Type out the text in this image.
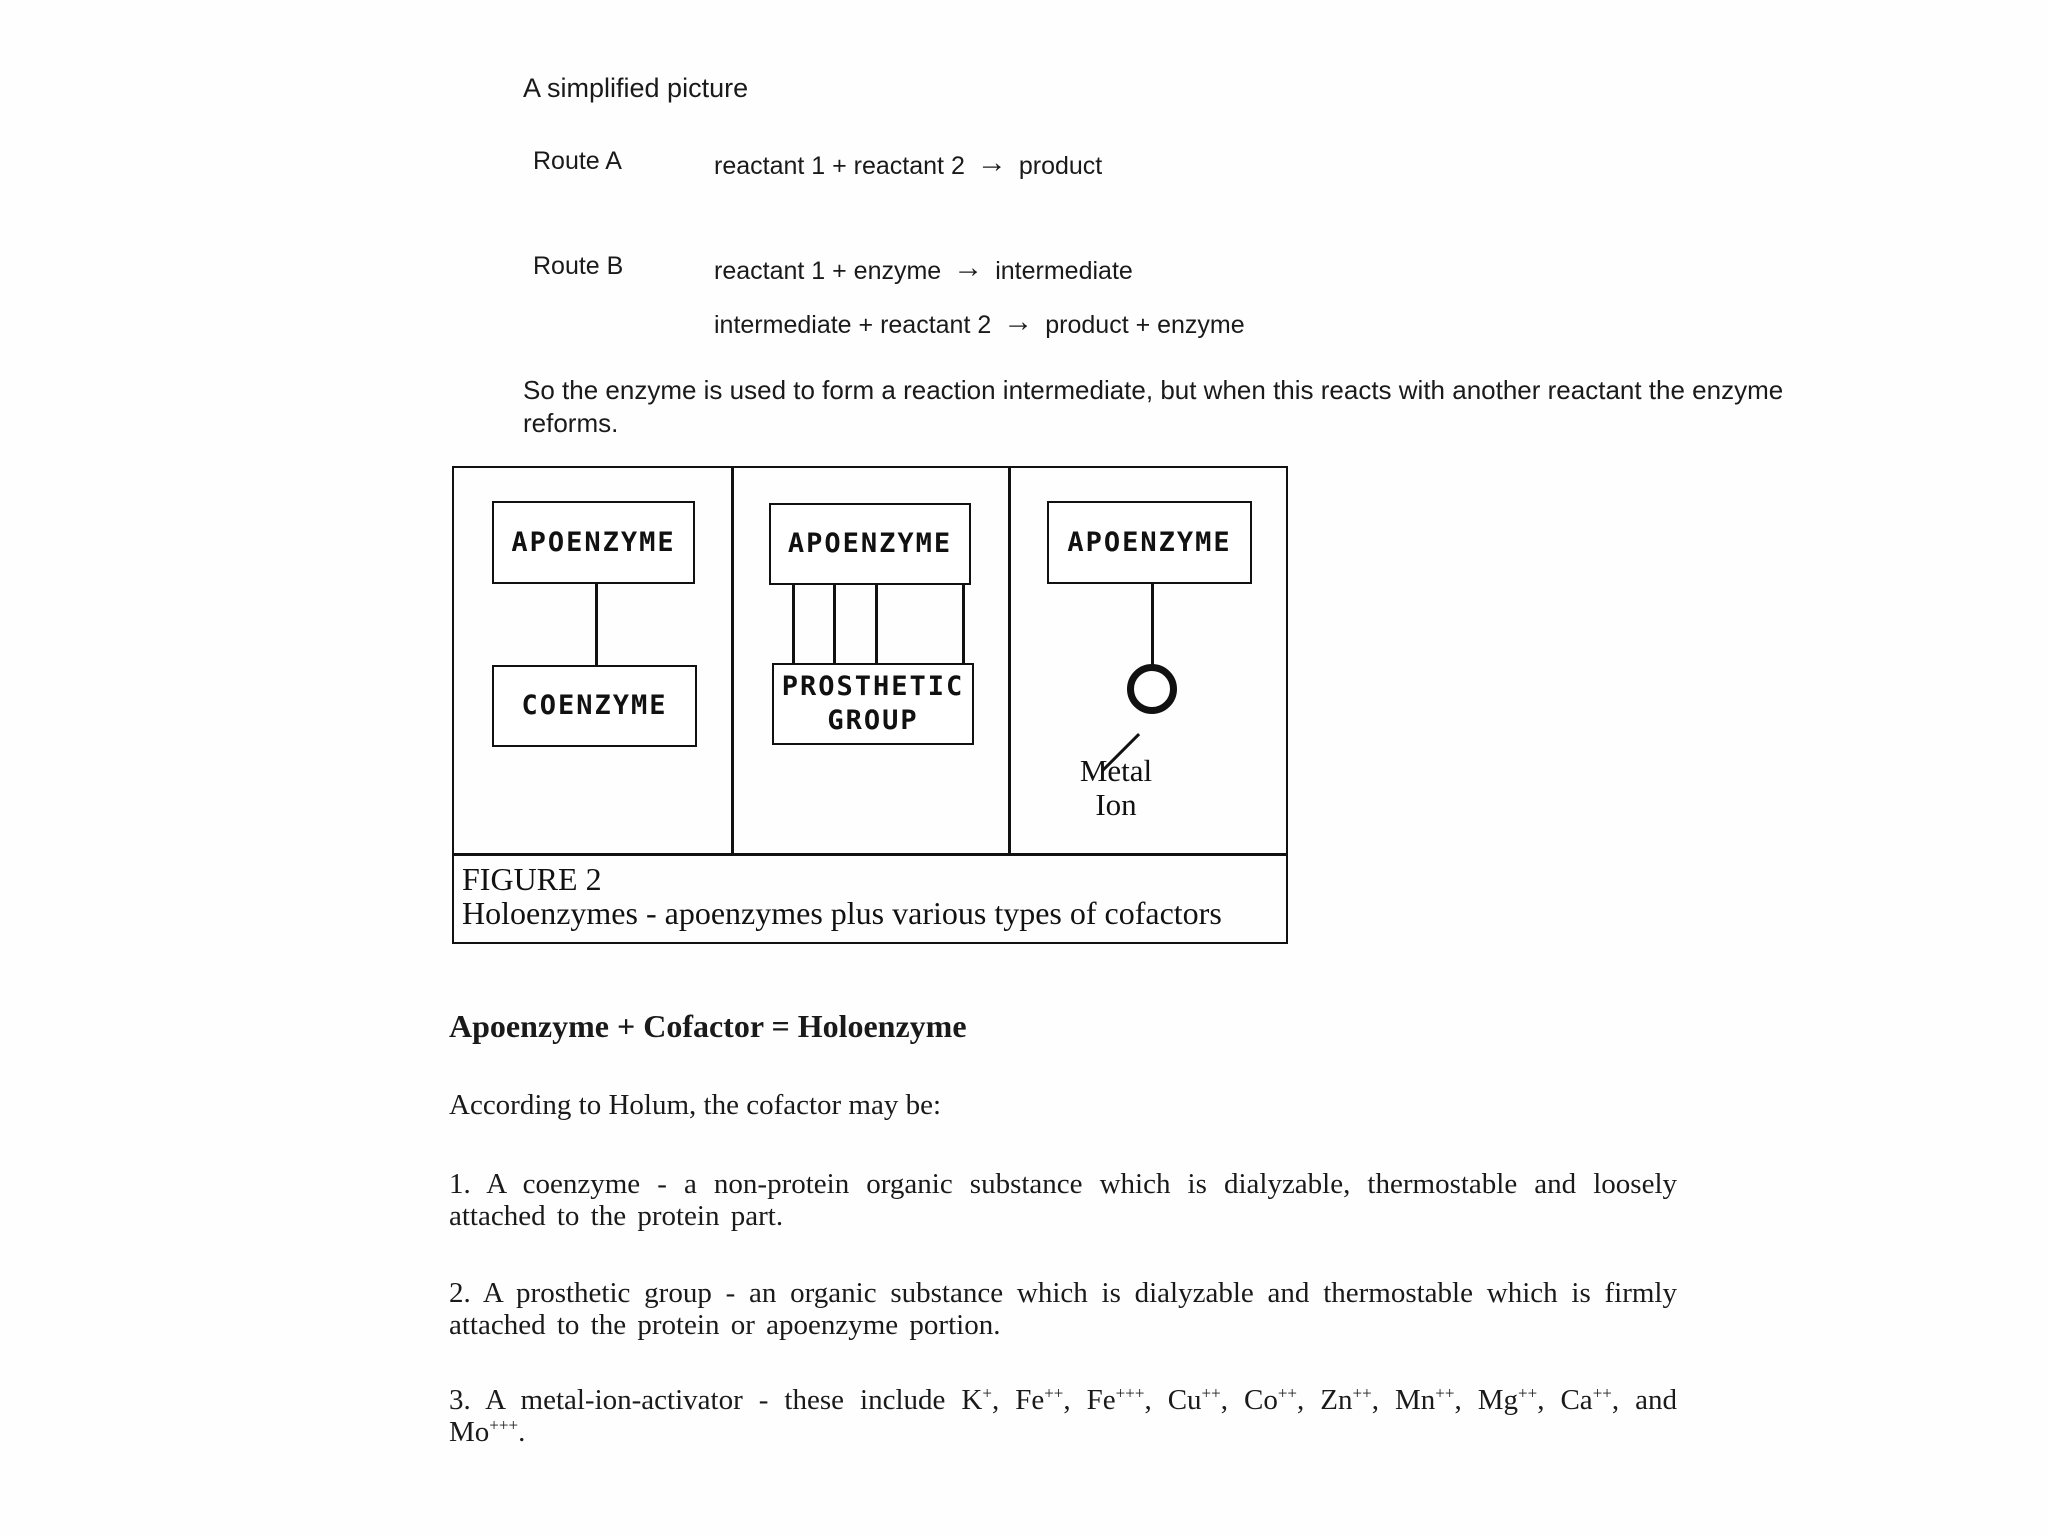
A simplified picture
Route A	reactant 1 + reactant 2 → product
Route B	reactant 1 + enzyme → intermediate
intermediate + reactant 2 → product + enzyme
So the enzyme is used to form a reaction intermediate, but when this reacts with another reactant the enzyme reforms.
APOENZYME
COENZYME
APOENZYME
PROSTHETIC
GROUP
APOENZYME
Metal
Ion
FIGURE 2
Holoenzymes - apoenzymes plus various types of cofactors
Apoenzyme + Cofactor = Holoenzyme
According to Holum, the cofactor may be:
1. A coenzyme - a non-protein organic substance which is dialyzable, thermostable and loosely attached to the protein part.
2. A prosthetic group - an organic substance which is dialyzable and thermostable which is firmly attached to the protein or apoenzyme portion.
3. A metal-ion-activator - these include K+, Fe++, Fe+++, Cu++, Co++, Zn++, Mn++, Mg++, Ca++, and Mo+++.
